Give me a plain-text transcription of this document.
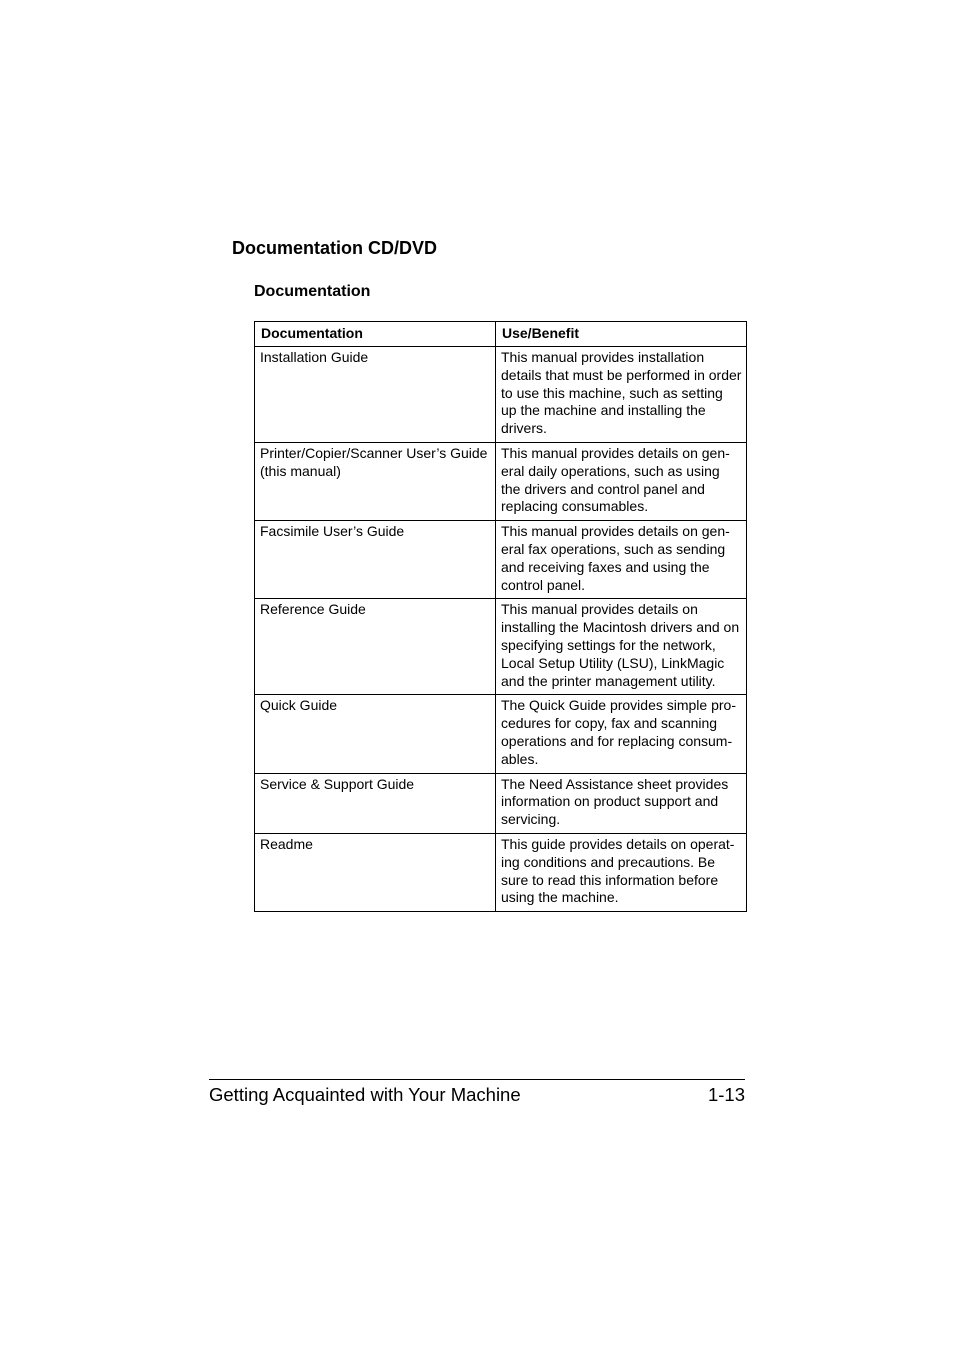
Documentation CD/DVD
Documentation
Documentation	Use/Benefit
Installation Guide	This manual provides installation details that must be performed in order to use this machine, such as setting up the machine and installing the drivers.
Printer/Copier/Scanner User’s Guide (this manual)	This manual provides details on gen-eral daily operations, such as using the drivers and control panel and replacing consumables.
Facsimile User’s Guide	This manual provides details on gen-eral fax operations, such as sending and receiving faxes and using the control panel.
Reference Guide	This manual provides details on installing the Macintosh drivers and on specifying settings for the network, Local Setup Utility (LSU), LinkMagic and the printer management utility.
Quick Guide	The Quick Guide provides simple pro-cedures for copy, fax and scanning operations and for replacing consum-ables.
Service & Support Guide	The Need Assistance sheet provides information on product support and servicing.
Readme	This guide provides details on operat-ing conditions and precautions. Be sure to read this information before using the machine.
Getting Acquainted with Your Machine	1-13
